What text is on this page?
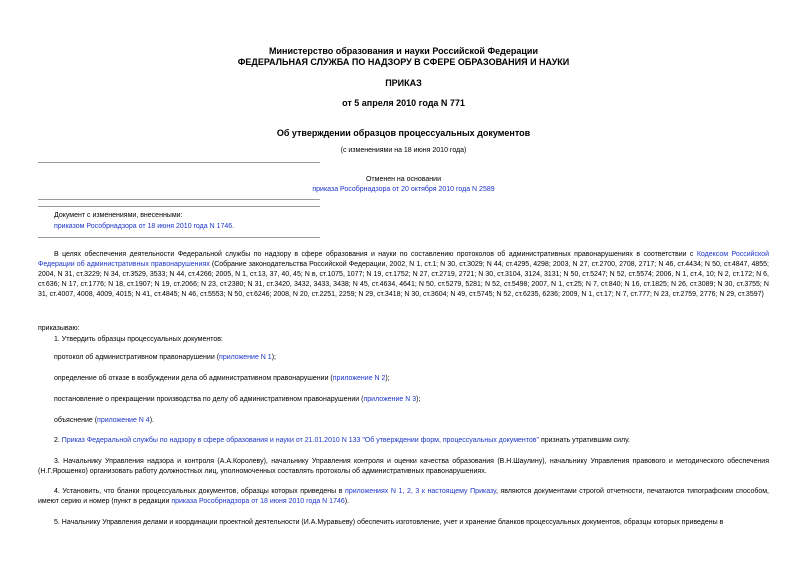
Министерство образования и науки Российской Федерации
ФЕДЕРАЛЬНАЯ СЛУЖБА ПО НАДЗОРУ В СФЕРЕ ОБРАЗОВАНИЯ И НАУКИ
ПРИКАЗ
от 5 апреля 2010 года N 771
Об утверждении образцов процессуальных документов
(с изменениями на 18 июня 2010 года)
Отменен на основании
приказа Рособрнадзора от 20 октября 2010 года N 2589
Документ с изменениями, внесенными:
приказом Рособрнадзора от 18 июня 2010 года N 1746.
В целях обеспечения деятельности Федеральной службы по надзору в сфере образования и науки по составлению протоколов об административных правонарушениях в соответствии с Кодексом Российской Федерации об административных правонарушениях (Собрание законодательства Российской Федерации, 2002, N 1, ст.1; N 30, ст.3029; N 44, ст.4295, 4298; 2003, N 27, ст.2700, 2708, 2717; N 46, ст.4434; N 50, ст.4847, 4855; 2004, N 31, ст.3229; N 34, ст.3529, 3533; N 44, ст.4266; 2005, N 1, ст.13, 37, 40, 45; N в, ст.1075, 1077; N 19, ст.1752; N 27, ст.2719, 2721; N 30, ст.3104, 3124, 3131; N 50, ст.5247; N 52, ст.5574; 2006, N 1, ст.4, 10; N 2, ст.172; N 6, ст.636; N 17, ст.1776; N 18, ст.1907; N 19, ст.2066; N 23, ст.2380; N 31, ст.3420, 3432, 3433, 3438; N 45, ст.4634, 4641; N 50, ст.5279, 5281; N 52, ст.5498; 2007, N 1, ст.25; N 7, ст.840; N 16, ст.1825; N 26, ст.3089; N 30, ст.3755; N 31, ст.4007, 4008, 4009, 4015; N 41, ст.4845; N 46, ст.5553; N 50, ст.6246; 2008, N 20, ст.2251, 2259; N 29, ст.3418; N 30, ст.3604; N 49, ст.5745; N 52, ст.6235, 6236; 2009, N 1, ст.17; N 7, ст.777; N 23, ст.2759, 2776; N 29, ст.3597)
приказываю:
1. Утвердить образцы процессуальных документов:
протокол об административном правонарушении (приложение N 1);
определение об отказе в возбуждении дела об административном правонарушении (приложение N 2);
постановление о прекращении производства по делу об административном правонарушении (приложение N 3);
объяснение (приложение N 4).
2. Приказ Федеральной службы по надзору в сфере образования и науки от 21.01.2010 N 133 "Об утверждении форм, процессуальных документов" признать утратившим силу.
3. Начальнику Управления надзора и контроля (А.А.Королеву), начальнику Управления контроля и оценки качества образования (В.Н.Шаулину), начальнику Управления правового и методического обеспечения (Н.Г.Ярошенко) организовать работу должностных лиц, уполномоченных составлять протоколы об административных правонарушениях.
4. Установить, что бланки процессуальных документов, образцы которых приведены в приложениях N 1, 2, 3 к настоящему Приказу, являются документами строгой отчетности, печатаются типографским способом, имеют серию и номер (пункт в редакции приказа Рособрнадзора от 18 июня 2010 года N 1746).
5. Начальнику Управления делами и координации проектной деятельности (И.А.Муравьеву) обеспечить изготовление, учет и хранение бланков процессуальных документов, образцы которых приведены в
